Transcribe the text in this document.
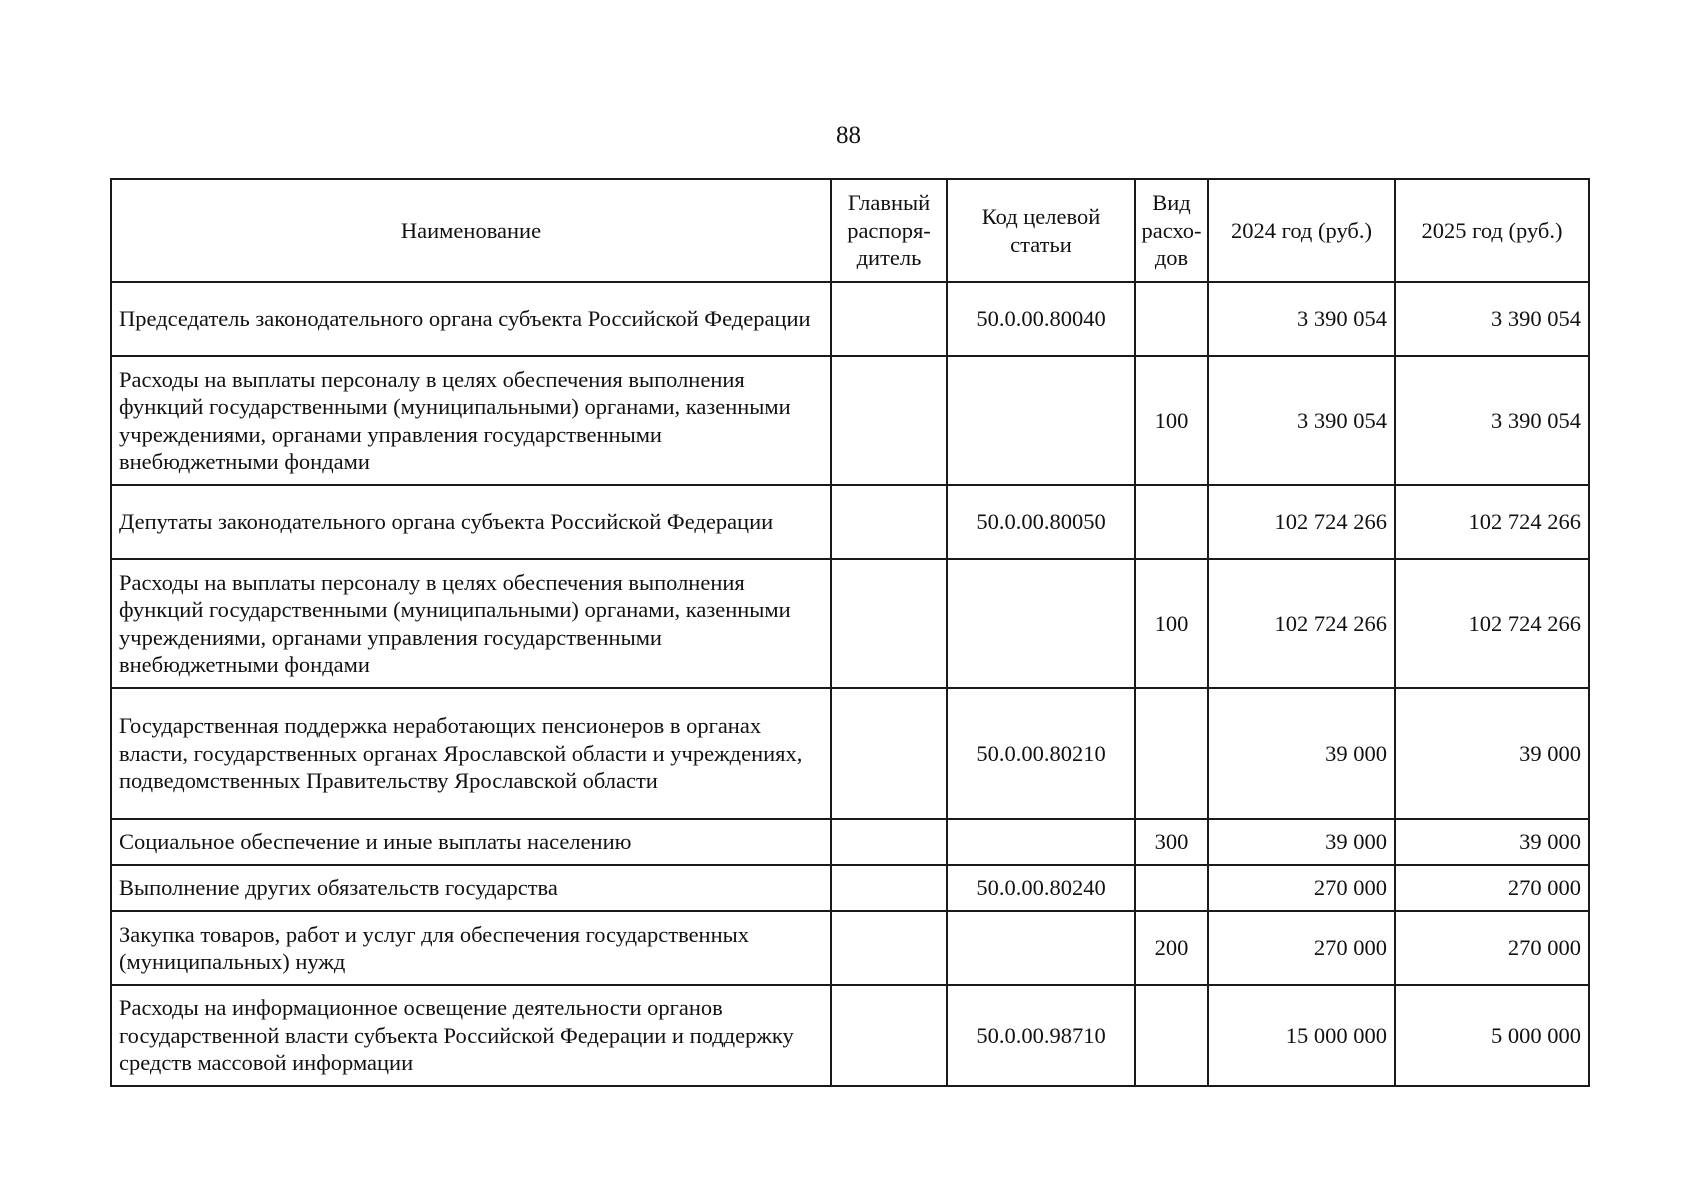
88
Наименование	Главный распоря-дитель	Код целевой статьи	Вид расхо-дов	2024 год (руб.)	2025 год (руб.)
Председатель законодательного органа субъекта Российской Федерации		50.0.00.80040		3 390 054	3 390 054
Расходы на выплаты персоналу в целях обеспечения выполнения функций государственными (муниципальными) органами, казенными учреждениями, органами управления государственными внебюджетными фондами			100	3 390 054	3 390 054
Депутаты законодательного органа субъекта Российской Федерации		50.0.00.80050		102 724 266	102 724 266
Расходы на выплаты персоналу в целях обеспечения выполнения функций государственными (муниципальными) органами, казенными учреждениями, органами управления государственными внебюджетными фондами			100	102 724 266	102 724 266
Государственная поддержка неработающих пенсионеров в органах власти, государственных органах Ярославской области и учреждениях, подведомственных Правительству Ярославской области		50.0.00.80210		39 000	39 000
Социальное обеспечение и иные выплаты населению			300	39 000	39 000
Выполнение других обязательств государства		50.0.00.80240		270 000	270 000
Закупка товаров, работ и услуг для обеспечения государственных (муниципальных) нужд			200	270 000	270 000
Расходы на информационное освещение деятельности органов государственной власти субъекта Российской Федерации и поддержку средств массовой информации		50.0.00.98710		15 000 000	5 000 000
